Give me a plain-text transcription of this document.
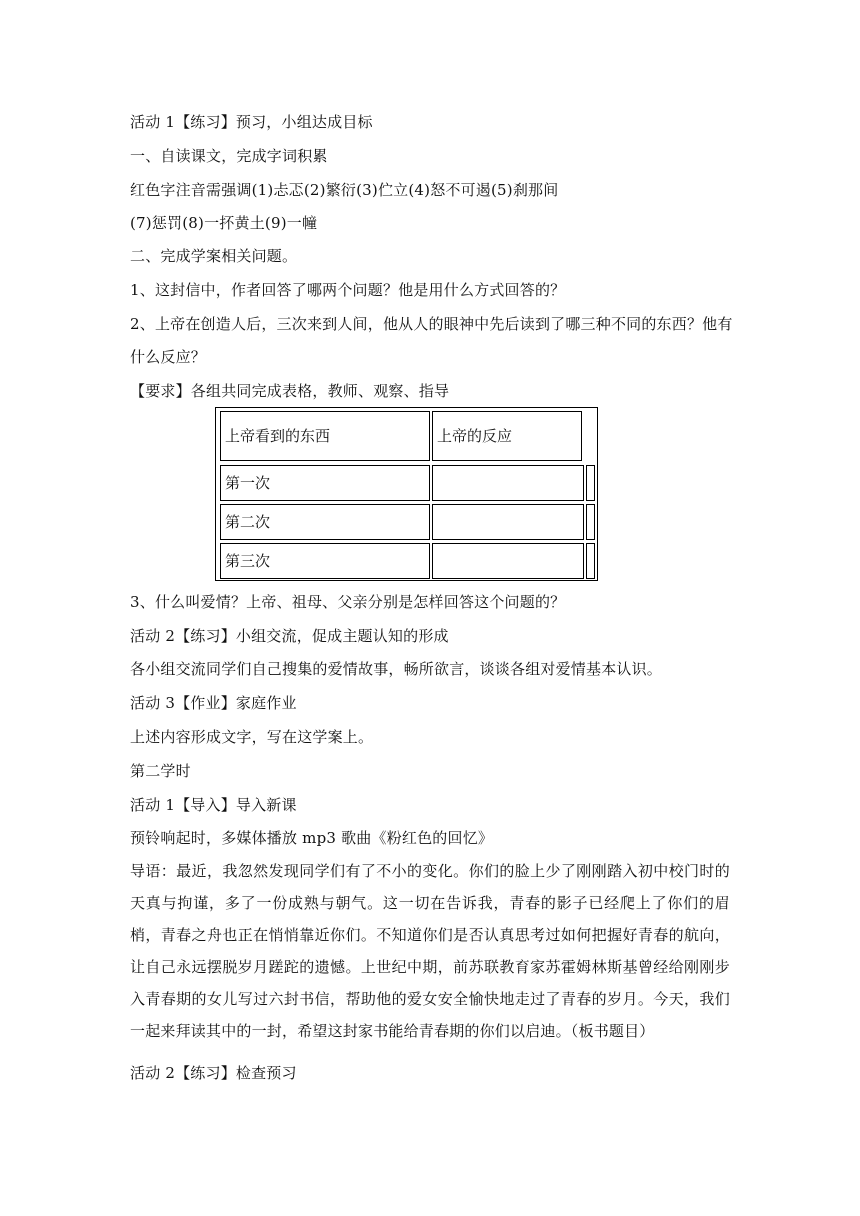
活动 1【练习】预习，小组达成目标

一、自读课文，完成字词积累

红色字注音需强调(1)忐忑(2)繁衍(3)伫立(4)怒不可遏(5)刹那间

(7)惩罚(8)一抔黄土(9)一幢

二、完成学案相关问题。

1、这封信中，作者回答了哪两个问题？他是用什么方式回答的？

2、上帝在创造人后，三次来到人间，他从人的眼神中先后读到了哪三种不同的东西？他有

什么反应？

【要求】各组共同完成表格，教师、观察、指导

上帝看到的东西	上帝的反应
第一次
第二次
第三次

3、什么叫爱情？上帝、祖母、父亲分别是怎样回答这个问题的？

活动 2【练习】小组交流，促成主题认知的形成

各小组交流同学们自己搜集的爱情故事，畅所欲言，谈谈各组对爱情基本认识。

活动 3【作业】家庭作业

上述内容形成文字，写在这学案上。

第二学时

活动 1【导入】导入新课

预铃响起时，多媒体播放 mp3 歌曲《粉红色的回忆》

导语：最近，我忽然发现同学们有了不小的变化。你们的脸上少了刚刚踏入初中校门时的天真与拘谨，多了一份成熟与朝气。这一切在告诉我，青春的影子已经爬上了你们的眉梢，青春之舟也正在悄悄靠近你们。不知道你们是否认真思考过如何把握好青春的航向，让自己永远摆脱岁月蹉跎的遗憾。上世纪中期，前苏联教育家苏霍姆林斯基曾经给刚刚步入青春期的女儿写过六封书信，帮助他的爱女安全愉快地走过了青春的岁月。今天，我们一起来拜读其中的一封，希望这封家书能给青春期的你们以启迪。（板书题目）

活动 2【练习】检查预习
